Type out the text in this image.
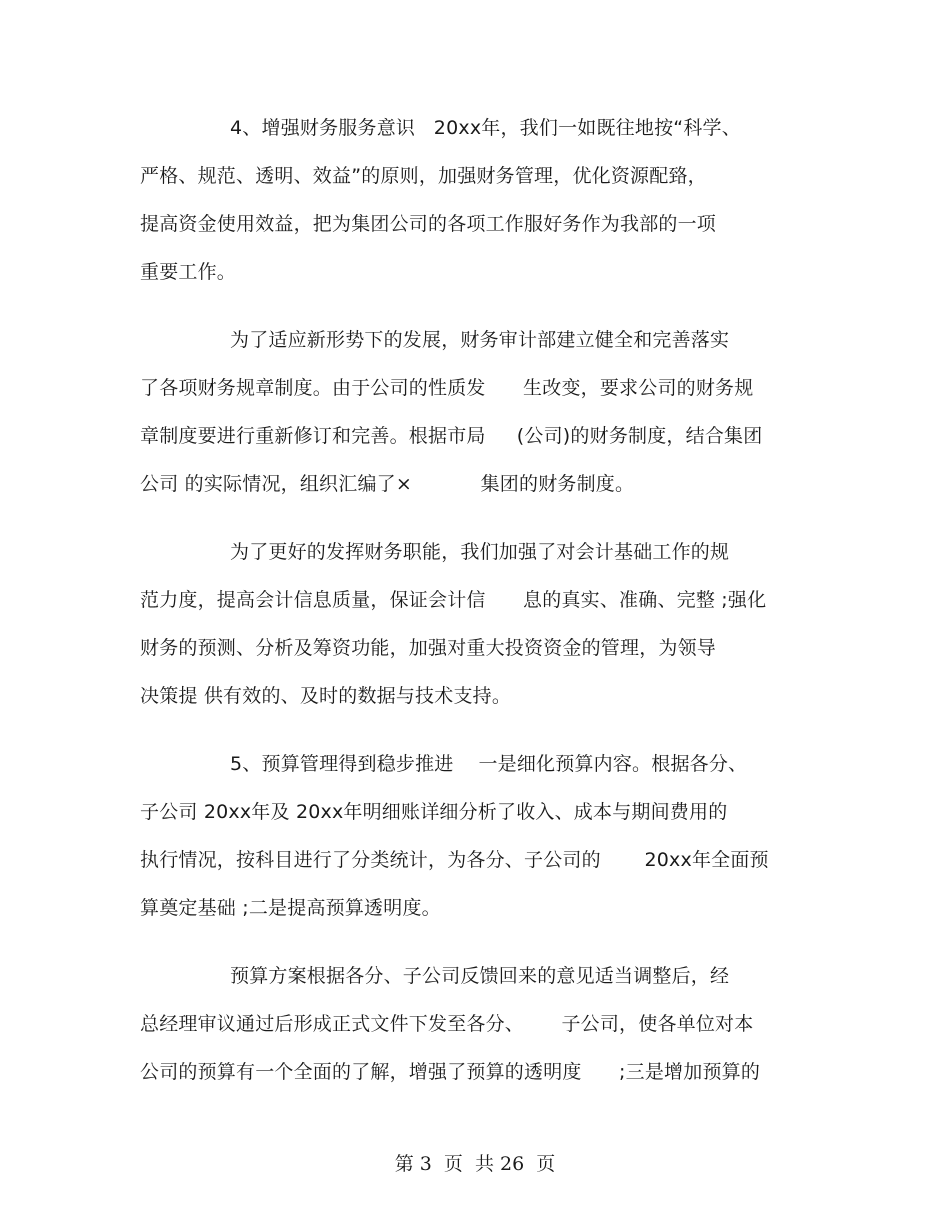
4、增强财务服务意识   20xx年，我们一如既往地按“科学、
严格、规范、透明、效益”的原则，加强财务管理，优化资源配臵，
提高资金使用效益，把为集团公司的各项工作服好务作为我部的一项
重要工作。
为了适应新形势下的发展，财务审计部建立健全和完善落实
了各项财务规章制度。由于公司的性质发      生改变，要求公司的财务规
章制度要进行重新修订和完善。根据市局     (公司)的财务制度，结合集团
公司 的实际情况，组织汇编了×           集团的财务制度。
为了更好的发挥财务职能，我们加强了对会计基础工作的规
范力度，提高会计信息质量，保证会计信      息的真实、准确、完整 ;强化
财务的预测、分析及筹资功能，加强对重大投资资金的管理，为领导
决策提 供有效的、及时的数据与技术支持。
5、预算管理得到稳步推进    一是细化预算内容。根据各分、
子公司 20xx年及 20xx年明细账详细分析了收入、成本与期间费用的
执行情况，按科目进行了分类统计，为各分、子公司的       20xx年全面预
算奠定基础 ;二是提高预算透明度。
预算方案根据各分、子公司反馈回来的意见适当调整后，经
总经理审议通过后形成正式文件下发至各分、      子公司，使各单位对本
公司的预算有一个全面的了解，增强了预算的透明度      ;三是增加预算的
第 3  页  共 26  页
